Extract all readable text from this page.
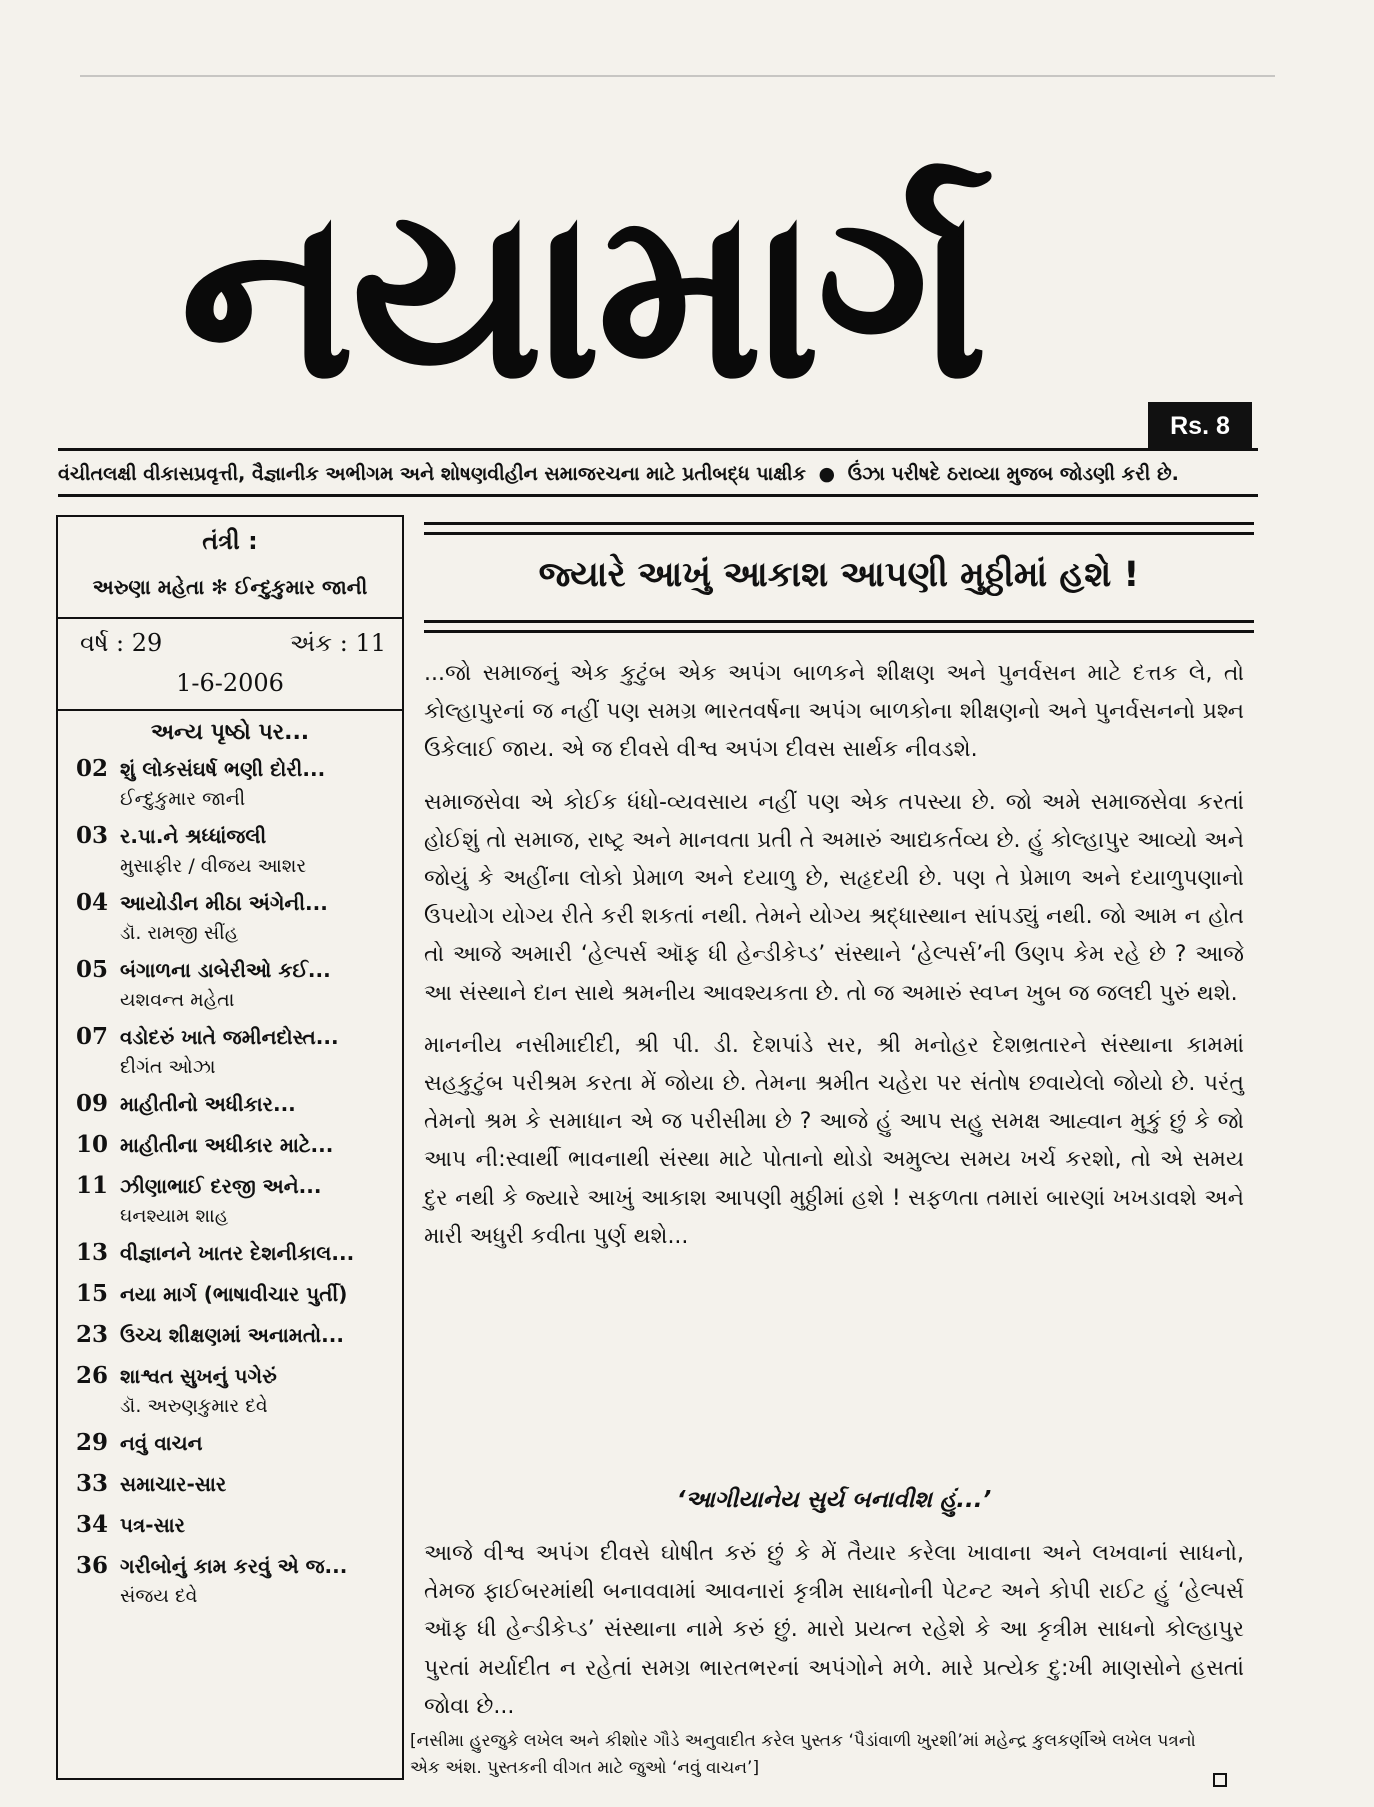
નયામાર્ગ	Rs. 8
વંચીતલક્ષી વીકાસપ્રવૃત્તી, વૈજ્ઞાનીક અભીગમ અને શોષણવીહીન સમાજરચના માટે પ્રતીબદ્ધ પાક્ષીક ● ઉંઝા પરીષદે ઠરાવ્યા મુજબ જોડણી કરી છે.
તંત્રી :
અરુણા મહેતા ✻ ઈન્દુકુમાર જાની
વર્ષ : 29	અંક : 11
1-6-2006
અન્ય પૃષ્ઠો પર...
02 શું લોકસંઘર્ષ ભણી દોરી...
ઈન્દુકુમાર જાની
03 ર.પા.ને શ્રધ્ધાંજલી
મુસાફીર / વીજય આશર
04 આયોડીન મીઠા અંગેની...
ડૉ. રામજી સીંહ
05 બંગાળના ડાબેરીઓ કઈ...
યશવન્ત મહેતા
07 વડોદરું ખાતે જમીનદોસ્ત...
દીગંત ઓઝા
09 માહીતીનો અધીકાર...
10 માહીતીના અધીકાર માટે...
11 ઝીણાભાઈ દરજી અને...
ઘનશ્યામ શાહ
13 વીજ્ઞાનને ખાતર દેશનીકાલ...
15 નયા માર્ગ (ભાષાવીચાર પુર્તી)
23 ઉચ્ચ શીક્ષણમાં અનામતો...
26 શાશ્વત સુખનું પગેરું
ડૉ. અરુણકુમાર દવે
29 નવું વાચન
33 સમાચાર-સાર
34 પત્ર-સાર
36 ગરીબોનું કામ કરવું એ જ...
સંજય દવે
જ્યારે આખું આકાશ આપણી મુઠ્ઠીમાં હશે !

...જો સમાજનું એક કુટુંબ એક અપંગ બાળકને શીક્ષણ અને પુનર્વસન માટે દત્તક લે, તો કોલ્હાપુરનાં જ નહીં પણ સમગ્ર ભારતવર્ષના અપંગ બાળકોના શીક્ષણનો અને પુનર્વસનનો પ્રશ્ન ઉકેલાઈ જાય. એ જ દીવસે વીશ્વ અપંગ દીવસ સાર્થક નીવડશે.

સમાજસેવા એ કોઈક ધંધો-વ્યવસાય નહીં પણ એક તપસ્યા છે. જો અમે સમાજસેવા કરતાં હોઈશું તો સમાજ, રાષ્ટ્ર અને માનવતા પ્રતી તે અમારું આદ્યકર્તવ્ય છે. હું કોલ્હાપુર આવ્યો અને જોયું કે અહીંના લોકો પ્રેમાળ અને દયાળુ છે, સહૃદયી છે. પણ તે પ્રેમાળ અને દયાળુપણાનો ઉપયોગ યોગ્ય રીતે કરી શકતાં નથી. તેમને યોગ્ય શ્રદ્ધાસ્થાન સાંપડ્યું નથી. જો આમ ન હોત તો આજે અમારી ‘હેલ્પર્સ ઑફ ધી હેન્ડીકેપ્ડ’ સંસ્થાને ‘હેલ્પર્સ’ની ઉણપ કેમ રહે છે ? આજે આ સંસ્થાને દાન સાથે શ્રમનીય આવશ્યકતા છે. તો જ અમારું સ્વપ્ન ખુબ જ જલદી પુરું થશે.

માનનીય નસીમાદીદી, શ્રી પી. ડી. દેશપાંડે સર, શ્રી મનોહર દેશભ્રતારને સંસ્થાના કામમાં સહકુટુંબ પરીશ્રમ કરતા મેં જોયા છે. તેમના શ્રમીત ચહેરા પર સંતોષ છવાયેલો જોયો છે. પરંતુ તેમનો શ્રમ કે સમાધાન એ જ પરીસીમા છે ? આજે હું આપ સહુ સમક્ષ આહ્વાન મુકું છું કે જો આપ ની:સ્વાર્થી ભાવનાથી સંસ્થા માટે પોતાનો થોડો અમુલ્ય સમય ખર્ચ કરશો, તો એ સમય દુર નથી કે જ્યારે આખું આકાશ આપણી મુઠ્ઠીમાં હશે ! સફળતા તમારાં બારણાં ખખડાવશે અને મારી અધુરી કવીતા પુર્ણ થશે...

‘આગીયાનેય સુર્ય બનાવીશ હું...’
આજે વીશ્વ અપંગ દીવસે ઘોષીત કરું છું કે મેં તૈયાર કરેલા ખાવાના અને લખવાનાં સાધનો, તેમજ ફાઈબરમાંથી બનાવવામાં આવનારાં કૃત્રીમ સાધનોની પેટન્ટ અને કોપી રાઈટ હું ‘હેલ્પર્સ ઑફ ધી હેન્ડીકેપ્ડ’ સંસ્થાના નામે કરું છું. મારો પ્રયત્ન રહેશે કે આ કૃત્રીમ સાધનો કોલ્હાપુર પુરતાં મર્યાદીત ન રહેતાં સમગ્ર ભારતભરનાં અપંગોને મળે. મારે પ્રત્યેક દુ:ખી માણસોને હસતાં જોવા છે...
[નસીમા હુરજુકે લખેલ અને કીશોર ગૌડે અનુવાદીત કરેલ પુસ્તક ‘પૈડાંવાળી ખુરશી’માં મહેન્દ્ર કુલકર્ણીએ લખેલ પત્રનો એક અંશ. પુસ્તકની વીગત માટે જુઓ ‘નવું વાચન’]
